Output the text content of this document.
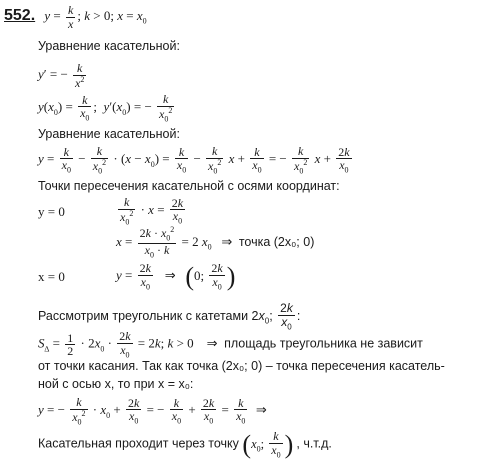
552. $y = \frac{k}{x}$ ; k > 0; $x = x_0$
Уравнение касательной:
y′ = − $\frac{k}{x^2}$
$y(x_0) = \frac{k}{x_0}$ ;  $y'(x_0)$ = − $\frac{k}{x_0^2}$
Уравнение касательной:
$y = \frac{k}{x_0} - \frac{k}{x_0^2} \cdot (x - x_0) = \frac{k}{x_0} - \frac{k}{x_0^2}$ $x + \frac{k}{x_0}$ = − $\frac{k}{x_0^2}$ $x + \frac{2k}{x_0}$
Точки пересечения касательной с осями координат:
y = 0	$\frac{k}{x_0^2} \cdot x = \frac{2k}{x_0}$
$x = \frac{2k \cdot x_0^2}{x_0 \cdot k} = 2$ $x_0$ ⇒ точка (2x₀; 0)
x = 0	$y = \frac{2k}{x_0}$ ⇒   (0; $\frac{2k}{x_0}$ )
Рассмотрим треугольник с катетами $2x_0$; $\frac{2k}{x_0}$ :
$S_\Delta = \frac{1}{2} \cdot 2x_0 \cdot \frac{2k}{x_0} = 2k$; k > 0    ⇒  площадь треугольника не зависит
от точки касания. Так как точка (2x₀; 0) – точка пересечения касатель-
ной с осью x, то при x = x₀:
y = − $\frac{k}{x_0^2} \cdot x_0 + \frac{2k}{x_0}$ = − $\frac{k}{x_0} + \frac{2k}{x_0} = \frac{k}{x_0}$ ⇒
Касательная проходит через точку ($x_0$; $\frac{k}{x_0}$ ) , ч.т.д.
